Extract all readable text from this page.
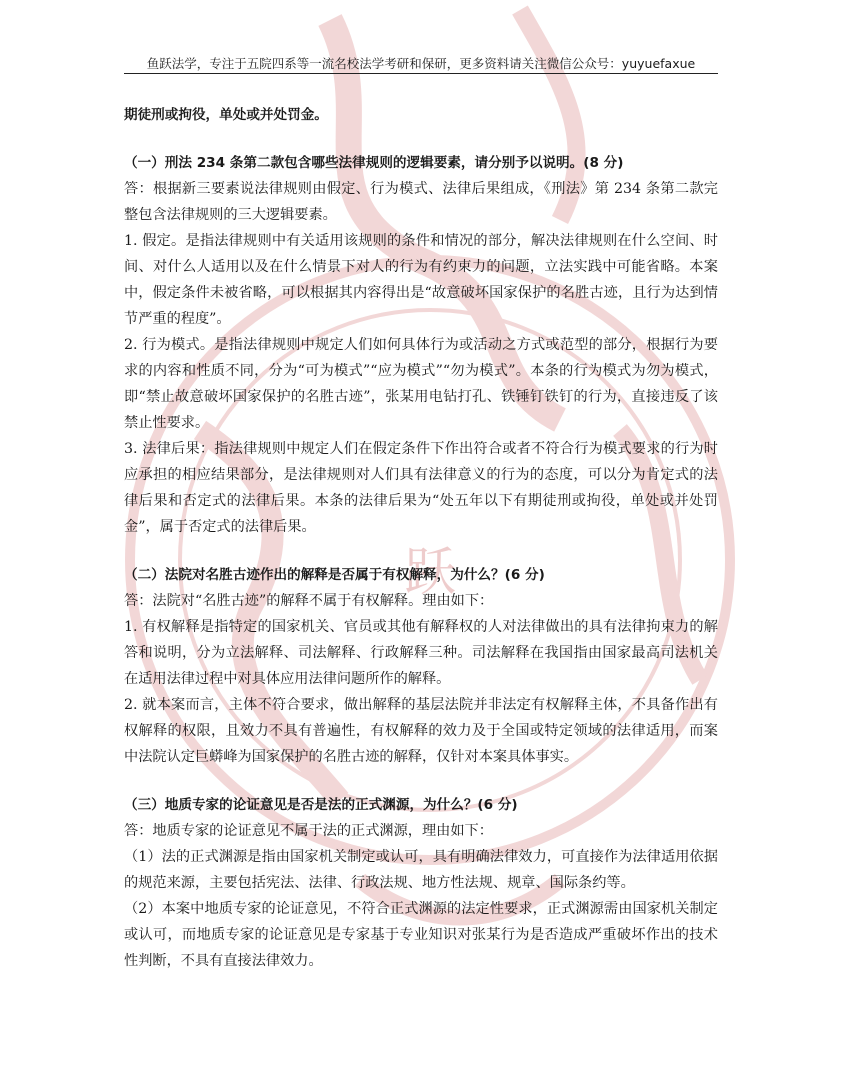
跃
鱼跃法学，专注于五院四系等一流名校法学考研和保研，更多资料请关注微信公众号：yuyuefaxue

期徒刑或拘役，单处或并处罚金。

（一）刑法 234 条第二款包含哪些法律规则的逻辑要素，请分别予以说明。(8 分)

答：根据新三要素说法律规则由假定、行为模式、法律后果组成，《刑法》第 234 条第二款完整包含法律规则的三大逻辑要素。

1. 假定。是指法律规则中有关适用该规则的条件和情况的部分，解决法律规则在什么空间、时间、对什么人适用以及在什么情景下对人的行为有约束力的问题，立法实践中可能省略。本案中，假定条件未被省略，可以根据其内容得出是“故意破坏国家保护的名胜古迹，且行为达到情节严重的程度”。

2. 行为模式。是指法律规则中规定人们如何具体行为或活动之方式或范型的部分，根据行为要求的内容和性质不同，分为“可为模式”“应为模式”“勿为模式”。本条的行为模式为勿为模式，即“禁止故意破坏国家保护的名胜古迹”，张某用电钻打孔、铁锤钉铁钉的行为，直接违反了该禁止性要求。

3. 法律后果：指法律规则中规定人们在假定条件下作出符合或者不符合行为模式要求的行为时应承担的相应结果部分，是法律规则对人们具有法律意义的行为的态度，可以分为肯定式的法律后果和否定式的法律后果。本条的法律后果为“处五年以下有期徒刑或拘役，单处或并处罚金”，属于否定式的法律后果。

（二）法院对名胜古迹作出的解释是否属于有权解释，为什么？(6 分)

答：法院对“名胜古迹”的解释不属于有权解释。理由如下：

1. 有权解释是指特定的国家机关、官员或其他有解释权的人对法律做出的具有法律拘束力的解答和说明，分为立法解释、司法解释、行政解释三种。司法解释在我国指由国家最高司法机关在适用法律过程中对具体应用法律问题所作的解释。

2. 就本案而言，主体不符合要求，做出解释的基层法院并非法定有权解释主体，不具备作出有权解释的权限，且效力不具有普遍性，有权解释的效力及于全国或特定领域的法律适用，而案中法院认定巨蟒峰为国家保护的名胜古迹的解释，仅针对本案具体事实。

（三）地质专家的论证意见是否是法的正式渊源，为什么？(6 分)

答：地质专家的论证意见不属于法的正式渊源，理由如下：

（1）法的正式渊源是指由国家机关制定或认可，具有明确法律效力，可直接作为法律适用依据的规范来源，主要包括宪法、法律、行政法规、地方性法规、规章、国际条约等。

（2）本案中地质专家的论证意见，不符合正式渊源的法定性要求，正式渊源需由国家机关制定或认可，而地质专家的论证意见是专家基于专业知识对张某行为是否造成严重破坏作出的技术性判断，不具有直接法律效力。
